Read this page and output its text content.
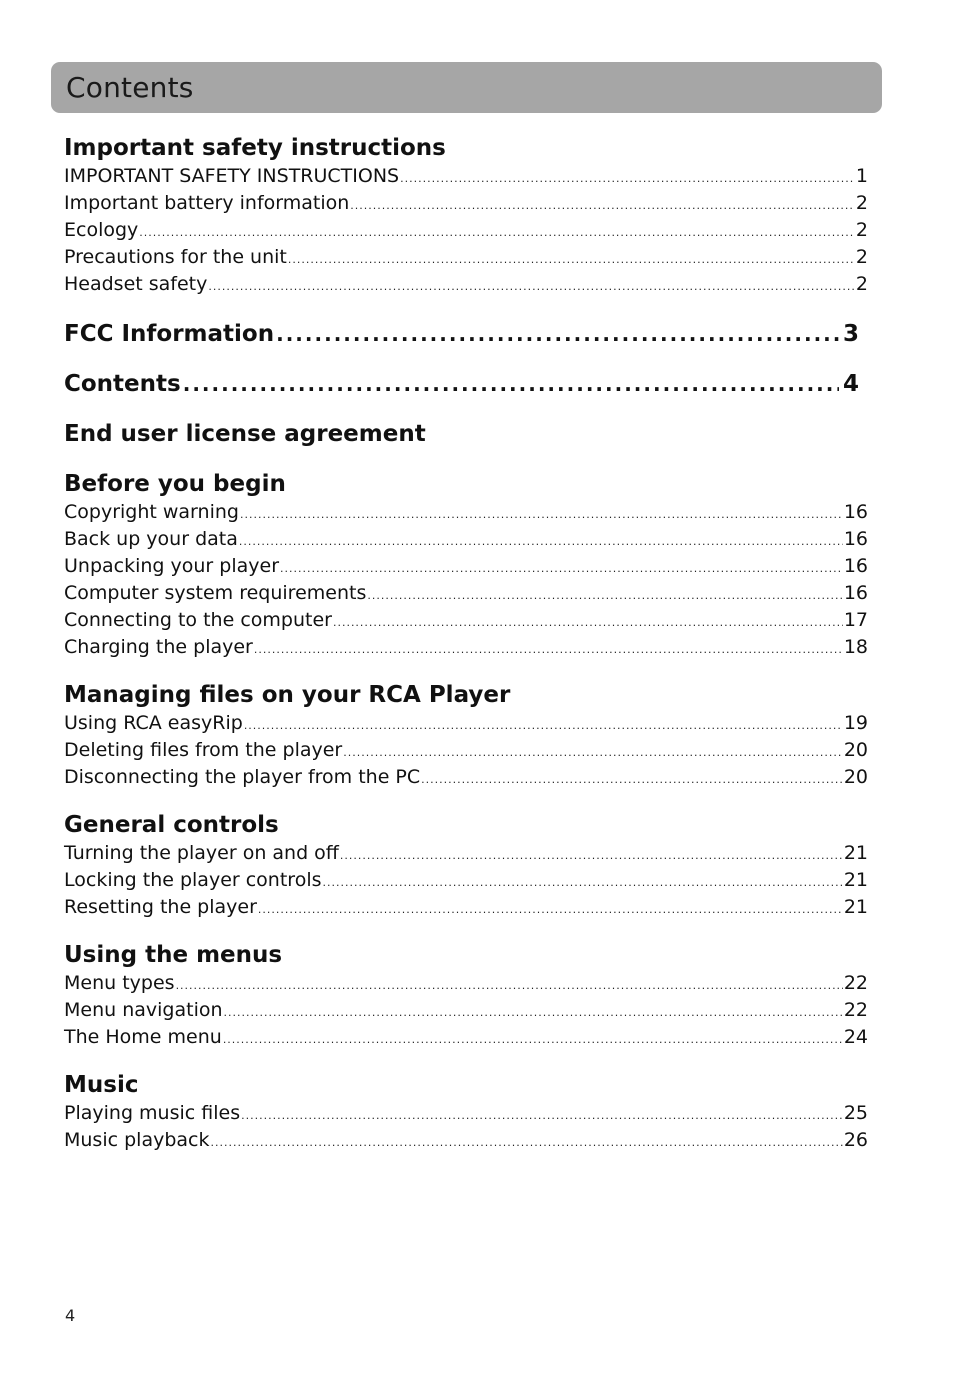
Contents
Important safety instructions
IMPORTANT SAFETY INSTRUCTIONS .....	1
Important battery information .....	2
Ecology .....	2
Precautions for the unit .....	2
Headset safety .....	2
FCC Information .....	3
Contents .....	4
End user license agreement
Before you begin
Copyright warning .....	16
Back up your data .....	16
Unpacking your player .....	16
Computer system requirements .....	16
Connecting to the computer .....	17
Charging the player .....	18
Managing files on your RCA Player
Using RCA easyRip .....	19
Deleting files from the player .....	20
Disconnecting the player from the PC .....	20
General controls
Turning the player on and off .....	21
Locking the player controls .....	21
Resetting the player .....	21
Using the menus
Menu types .....	22
Menu navigation .....	22
The Home menu .....	24
Music
Playing music files .....	25
Music playback .....	26
4
